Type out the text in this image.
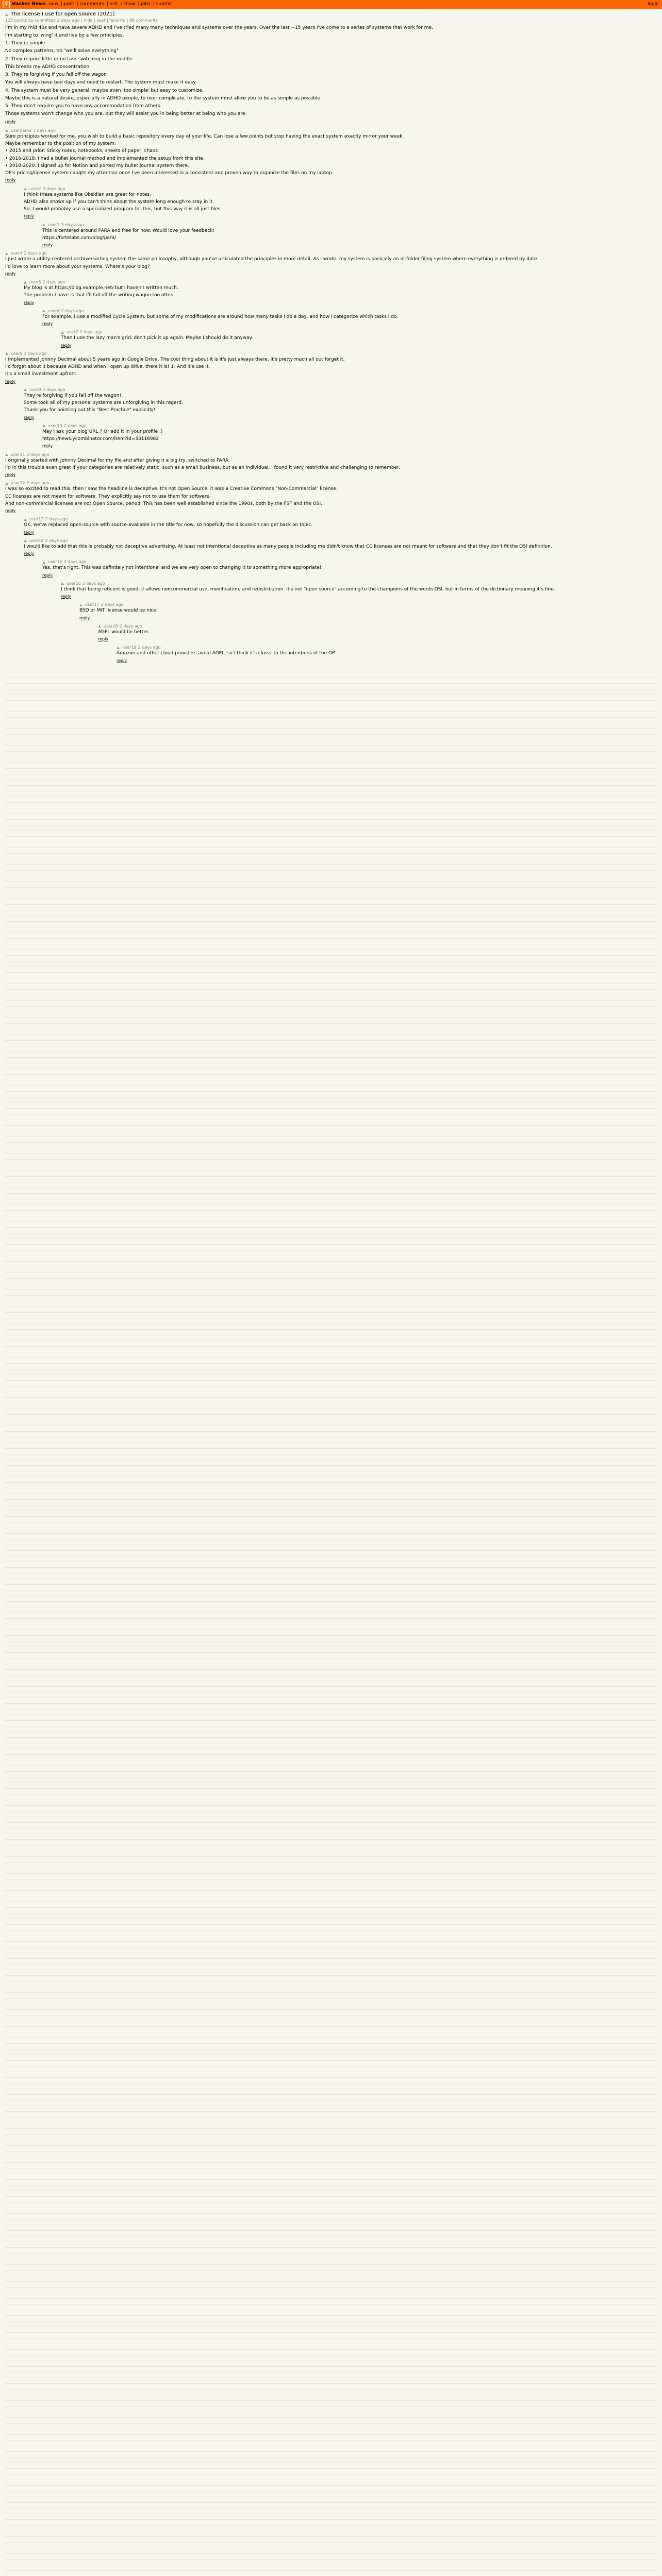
Y Hacker News new | past | comments | ask | show | jobs | submit	login
The license I use for open source (2021)
123 points by submitted 2 days ago | hide | past | favorite | 88 comments

I'm in my mid 40s and have severe ADHD and I've tried many many techniques and systems over the years. Over the last ~15 years I've come to a series of systems that work for me.

I'm starting to 'wing' it and live by a few principles.

1. They're simple

No complex patterns, no "we'll solve everything"

2. They require little or no task switching in the middle

This breaks my ADHD concentration.

3. They're forgiving if you fall off the wagon

You will always have bad days and need to restart. The system must make it easy.

4. The system must be very general, maybe even 'too simple' but easy to customize.

Maybe this is a natural desire, especially in ADHD people, to over complicate, to the system must allow you to be as simple as possible.

5. They don't require you to have any accommodation from others.

Those systems won't change who you are, but they will assist you in being better at being who you are.

reply
username 3 days ago

Sure principles worked for me, you wish to build a basic repository every day of your life. Can lose a few points but stop having the exact system exactly mirror your week.

Maybe remember to the position of my system:

• 2015 and prior: Sticky notes, notebooks, sheets of paper, chaos

• 2016-2018: I had a bullet journal method and implemented the setup from this site.

• 2018-2020: I signed up for Notion and ported my bullet journal system there.

DP's pricing/license system caught my attention once I've been interested in a consistent and proven way to organize the files on my laptop.

reply
user2 3 days ago

I think these systems like Obsidian are great for notes.

ADHD also shows up if you can't think about the system long enough to stay in it.

So, I would probably use a specialized program for this, but this way it is all just files.

reply
user3 3 days ago

This is centered around PARA and free for now. Would love your feedback!

https://fortelabs.com/blog/para/

reply
user4 2 days ago

I just wrote a utility-centered archive/sorting system the same philosophy, although you've articulated the principles in more detail. As I wrote, my system is basically an in-folder filing system where everything is ordered by date.

I'd love to learn more about your systems. Where's your blog?

reply
user5 2 days ago

My blog is at https://blog.example.net/ but I haven't written much.

The problem I have is that I'll fall off the writing wagon too often.

reply
user6 2 days ago

For example, I use a modified Cycle System, but some of my modifications are around how many tasks I do a day, and how I categorize which tasks I do.

reply
user7 2 days ago

Then I use the lazy man's grid, don't pick it up again. Maybe I should do it anyway.

reply
user8 2 days ago

I implemented Johnny Decimal about 5 years ago in Google Drive. The cool thing about it is it's just always there. It's pretty much all out forget it.

I'd forget about it because ADHD and when I open up drive, there it is! 1- And it's use it.

It's a small investment upfront.

reply
user9 2 days ago

They're forgiving if you fall off the wagon!

Some took all of my personal systems are unforgiving in this regard.

Thank you for pointing out this "Best Practice" explicitly!

reply
user10 2 days ago

May I ask your blog URL ? Or add it in your profile :)

https://news.ycombinator.com/item?id=33116982

reply
user11 2 days ago

I originally started with Johnny Decimal for my file and after giving it a big try, switched to PARA.

I'd in this trouble even great if your categories are relatively static, such as a small business, but as an individual, I found it very restrictive and challenging to remember.

reply
user12 2 days ago

I was so excited to read this, then I saw the headline is deceptive. It's not Open Source. It was a Creative Commons "Non-Commercial" license.

CC licenses are not meant for software. They explicitly say not to use them for software.

And non-commercial licenses are not Open Source, period. This has been well established since the 1990s, both by the FSF and the OSI.

reply
user13 2 days ago

OK, we've replaced open-source with source-available in the title for now, so hopefully the discussion can get back on topic.

reply
user14 2 days ago

I would like to add that this is probably not deceptive advertising. At least not intentional deceptive as many people including me didn't know that CC licenses are not meant for software and that they don't fit the OSI definition.

reply
user15 2 days ago

Yes, that's right. This was definitely not intentional and we are very open to changing it to something more appropriate!

reply
user16 2 days ago

I think that being reticent is good, it allows noncommercial use, modification, and redistribution. It's not "open source" according to the champions of the words OSI, but in terms of the dictionary meaning it's fine.

reply
user17 2 days ago

BSD or MIT license would be nice.

reply
user18 2 days ago

AGPL would be better.

reply
user19 2 days ago

Amazon and other cloud providers avoid AGPL, so I think it's closer to the intentions of the OP.

reply
